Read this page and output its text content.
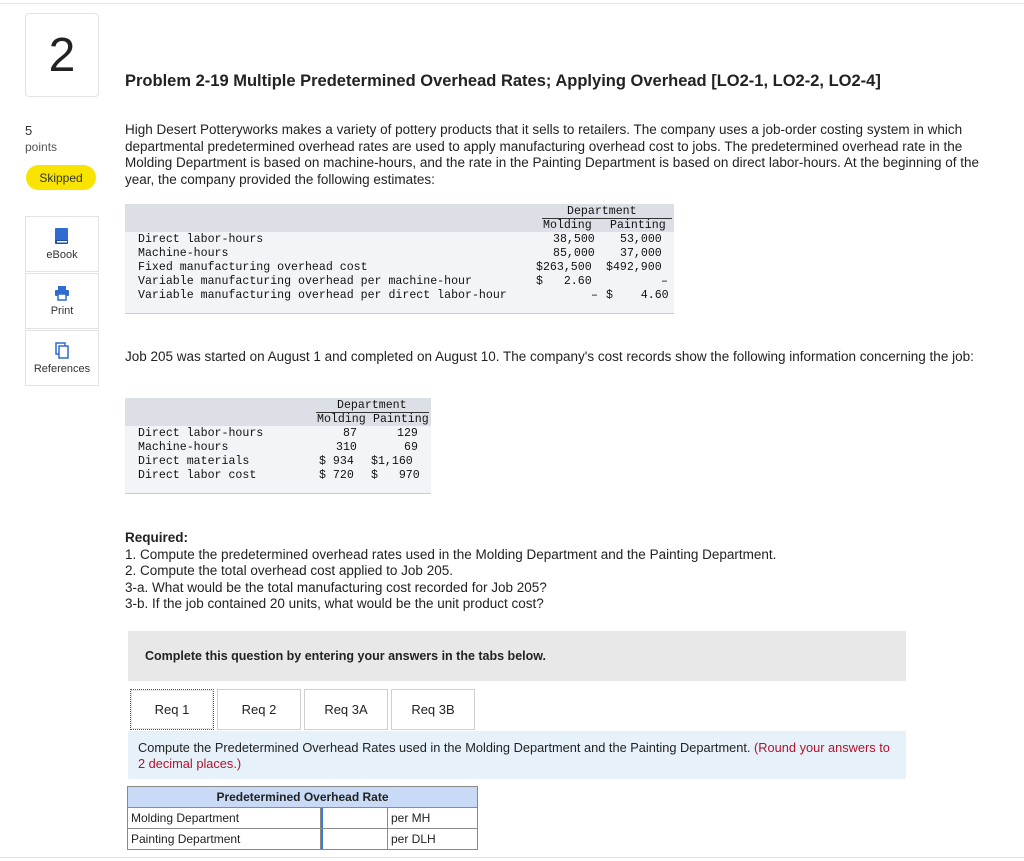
2
5
points
Skipped
eBook
Print
References
Problem 2-19 Multiple Predetermined Overhead Rates; Applying Overhead [LO2-1, LO2-2, LO2-4]
High Desert Potteryworks makes a variety of pottery products that it sells to retailers. The company uses a job-order costing system in which departmental predetermined overhead rates are used to apply manufacturing overhead cost to jobs. The predetermined overhead rate in the Molding Department is based on machine-hours, and the rate in the Painting Department is based on direct labor-hours. At the beginning of the year, the company provided the following estimates:
Department
Molding Painting
Direct labor-hours	38,500 53,000
Machine-hours	85,000 37,000
Fixed manufacturing overhead cost	$263,500 $492,900
Variable manufacturing overhead per machine-hour	$   2.60	–
Variable manufacturing overhead per direct labor-hour	– $    4.60
Job 205 was started on August 1 and completed on August 10. The company's cost records show the following information concerning the job:
Department
Molding Painting
Direct labor-hours	87	129
Machine-hours	310	69
Direct materials	$ 934 $1,160
Direct labor cost	$ 720 $   970
Required:
1. Compute the predetermined overhead rates used in the Molding Department and the Painting Department.
2. Compute the total overhead cost applied to Job 205.
3-a. What would be the total manufacturing cost recorded for Job 205?
3-b. If the job contained 20 units, what would be the unit product cost?
Complete this question by entering your answers in the tabs below.
Req 1	Req 2	Req 3A	Req 3B
Compute the Predetermined Overhead Rates used in the Molding Department and the Painting Department. (Round your answers to 2 decimal places.)
Predetermined Overhead Rate		
Molding Department		per MH
Painting Department		per DLH
